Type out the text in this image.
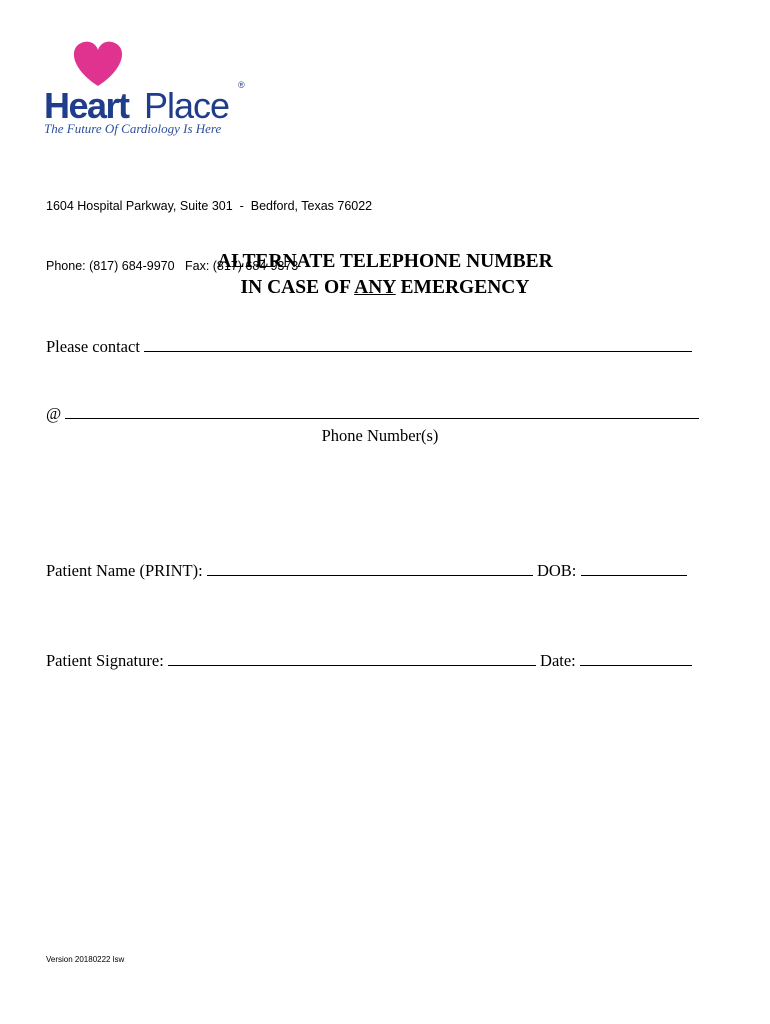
Heart Place ®
The Future Of Cardiology Is Here

1604 Hospital Parkway, Suite 301  -  Bedford, Texas 76022

Phone: (817) 684-9970   Fax: (817) 684-9373

ALTERNATE TELEPHONE NUMBER
IN CASE OF ANY EMERGENCY
Please contact
@
Phone Number(s)
Patient Name (PRINT):	DOB:
Patient Signature:	Date:
Version 20180222 lsw
